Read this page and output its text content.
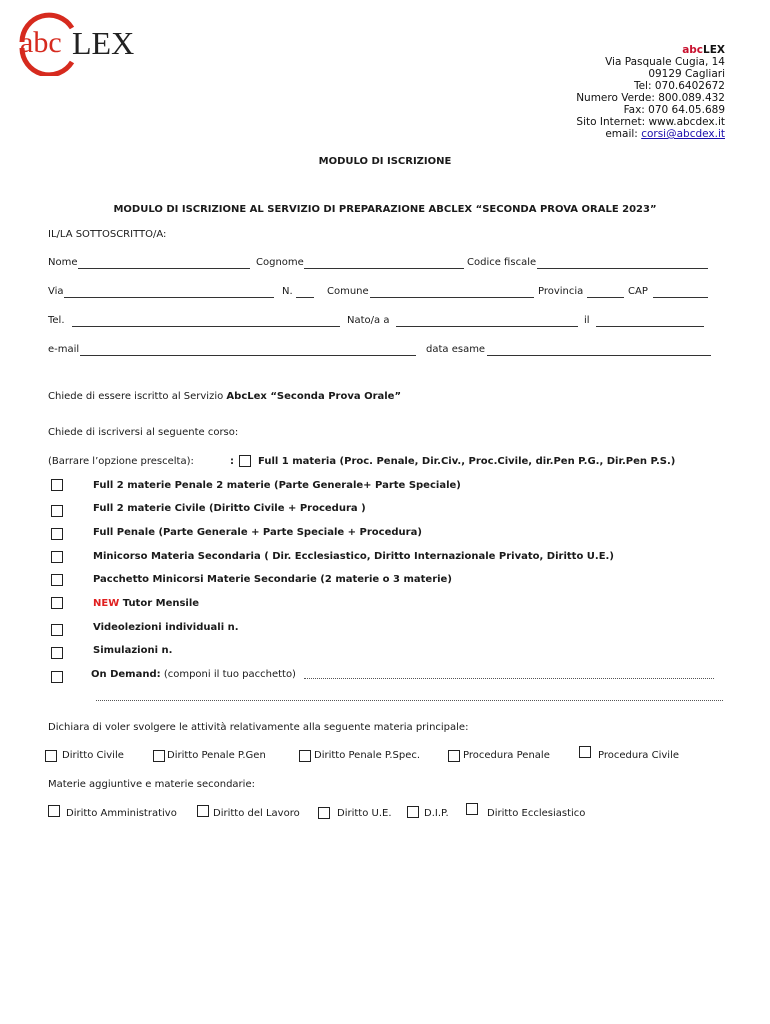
abc LEX	abcLEX
Via Pasquale Cugia, 14
09129 Cagliari
Tel: 070.6402672
Numero Verde: 800.089.432
Fax: 070 64.05.689
Sito Internet: www.abcdex.it
email: corsi@abcdex.it
MODULO DI ISCRIZIONE
MODULO DI ISCRIZIONE AL SERVIZIO DI PREPARAZIONE ABCLEX “SECONDA PROVA ORALE 2023”
IL/LA SOTTOSCRITTO/A:
Nome	Cognome	Codice fiscale
Via	N.	Comune	Provincia	CAP
Tel.	Nato/a a	il
e-mail	data esame
Chiede di essere iscritto al Servizio AbcLex “Seconda Prova Orale”
Chiede di iscriversi al seguente corso:
(Barrare l’opzione prescelta):	: Full 1 materia (Proc. Penale, Dir.Civ., Proc.Civile, dir.Pen P.G., Dir.Pen P.S.)
Full 2 materie Penale 2 materie (Parte Generale+ Parte Speciale)
Full 2 materie Civile (Diritto Civile + Procedura )
Full Penale (Parte Generale + Parte Speciale + Procedura)
Minicorso Materia Secondaria ( Dir. Ecclesiastico, Diritto Internazionale Privato, Diritto U.E.)
Pacchetto Minicorsi Materie Secondarie (2 materie o 3 materie)
NEW Tutor Mensile
Videolezioni individuali n.
Simulazioni n.
On Demand: (componi il tuo pacchetto)
Dichiara di voler svolgere le attività relativamente alla seguente materia principale:
Diritto Civile	Diritto Penale P.Gen	Diritto Penale P.Spec.	Procedura Penale	Procedura Civile
Materie aggiuntive e materie secondarie:
Diritto Amministrativo	Diritto del Lavoro	Diritto U.E.	D.I.P.	Diritto Ecclesiastico
